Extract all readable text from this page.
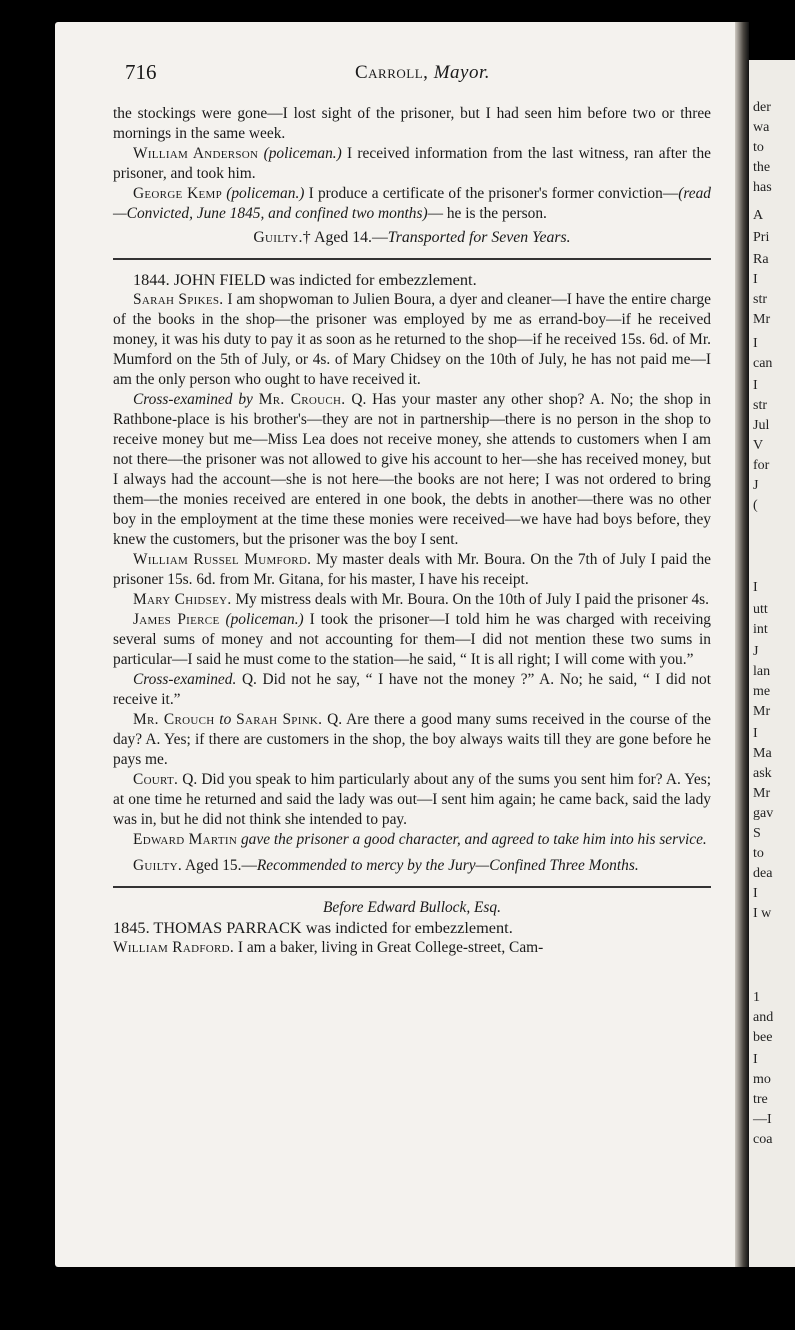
der
wa
to
the
has
A
Pri
Ra
I
str
Mr
I
can
I
str
Jul
V
for
J
(
I
utt
int
J
lan
me
Mr
I
Ma
ask
Mr
gav
S
to
dea
I
I w
1
and
bee
I
mo
tre
—I
coa
716	Carroll, Mayor.

the stockings were gone—I lost sight of the prisoner, but I had seen him before two or three mornings in the same week.

William Anderson (policeman.) I received information from the last witness, ran after the prisoner, and took him.

George Kemp (policeman.) I produce a certificate of the prisoner's former conviction—(read—Convicted, June 1845, and confined two months)— he is the person.

Guilty.† Aged 14.—Transported for Seven Years.

1844. JOHN FIELD was indicted for embezzlement.

Sarah Spikes. I am shopwoman to Julien Boura, a dyer and cleaner—I have the entire charge of the books in the shop—the prisoner was employed by me as errand-boy—if he received money, it was his duty to pay it as soon as he returned to the shop—if he received 15s. 6d. of Mr. Mumford on the 5th of July, or 4s. of Mary Chidsey on the 10th of July, he has not paid me—I am the only person who ought to have received it.

Cross-examined by Mr. Crouch. Q. Has your master any other shop? A. No; the shop in Rathbone-place is his brother's—they are not in partnership—there is no person in the shop to receive money but me—Miss Lea does not receive money, she attends to customers when I am not there—the prisoner was not allowed to give his account to her—she has received money, but I always had the account—she is not here—the books are not here; I was not ordered to bring them—the monies received are entered in one book, the debts in another—there was no other boy in the employment at the time these monies were received—we have had boys before, they knew the customers, but the prisoner was the boy I sent.

William Russel Mumford. My master deals with Mr. Boura. On the 7th of July I paid the prisoner 15s. 6d. from Mr. Gitana, for his master, I have his receipt.

Mary Chidsey. My mistress deals with Mr. Boura. On the 10th of July I paid the prisoner 4s.

James Pierce (policeman.) I took the prisoner—I told him he was charged with receiving several sums of money and not accounting for them—I did not mention these two sums in particular—I said he must come to the station—he said, “ It is all right; I will come with you.”

Cross-examined. Q. Did not he say, “ I have not the money ?” A. No; he said, “ I did not receive it.”

Mr. Crouch to Sarah Spink. Q. Are there a good many sums received in the course of the day? A. Yes; if there are customers in the shop, the boy always waits till they are gone before he pays me.

Court. Q. Did you speak to him particularly about any of the sums you sent him for? A. Yes; at one time he returned and said the lady was out—I sent him again; he came back, said the lady was in, but he did not think she intended to pay.

Edward Martin gave the prisoner a good character, and agreed to take him into his service.

Guilty. Aged 15.—Recommended to mercy by the Jury—Confined Three Months.

Before Edward Bullock, Esq.

1845. THOMAS PARRACK was indicted for embezzlement.

William Radford. I am a baker, living in Great College-street, Cam-
